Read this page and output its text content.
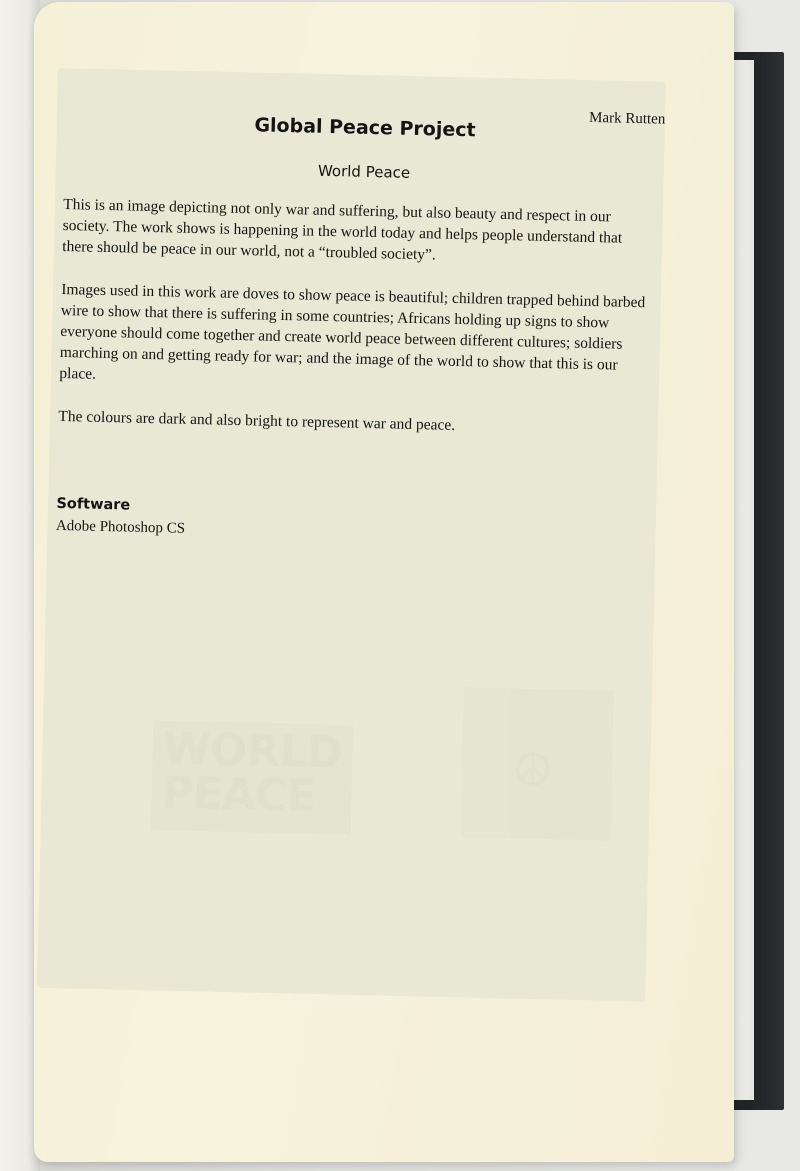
WORLD
PEACE	☮
Mark Rutten
Global Peace Project
World Peace

This is an image depicting not only war and suffering, but also beauty and respect in our society. The work shows is happening in the world today and helps people understand that there should be peace in our world, not a “troubled society”.

Images used in this work are doves to show peace is beautiful; children trapped behind barbed wire to show that there is suffering in some countries; Africans holding up signs to show everyone should come together and create world peace between different cultures; soldiers marching on and getting ready for war; and the image of the world to show that this is our place.

The colours are dark and also bright to represent war and peace.

Software
Adobe Photoshop CS
